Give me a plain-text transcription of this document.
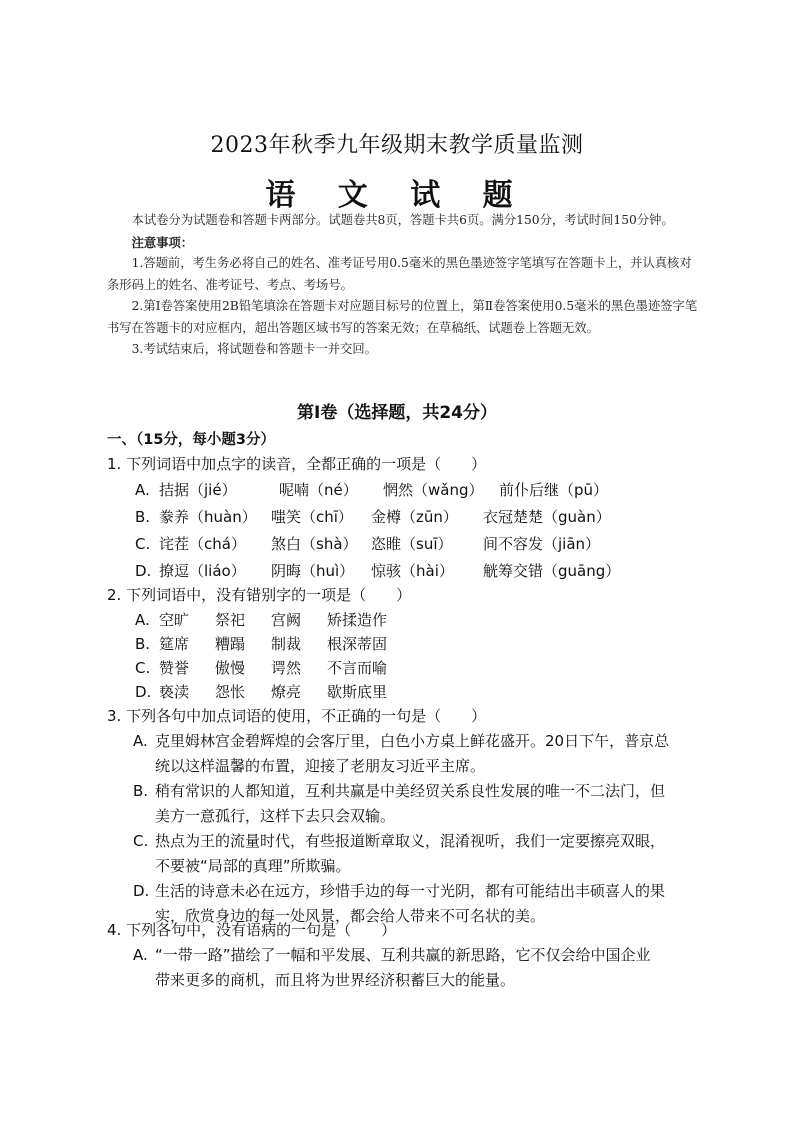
2023年秋季九年级期末教学质量监测
语 文 试 题

本试卷分为试题卷和答题卡两部分。试题卷共8页，答题卡共6页。满分150分，考试时间150分钟。

注意事项：

1.答题前，考生务必将自己的姓名、准考证号用0.5毫米的黑色墨迹签字笔填写在答题卡上，并认真核对条形码上的姓名、准考证号、考点、考场号。

2.第Ⅰ卷答案使用2B铅笔填涂在答题卡对应题目标号的位置上，第Ⅱ卷答案使用0.5毫米的黑色墨迹签字笔书写在答题卡的对应框内，超出答题区域书写的答案无效；在草稿纸、试题卷上答题无效。

3.考试结束后，将试题卷和答题卡一并交回。

第Ⅰ卷（选择题，共24分）
一、（15分，每小题3分）

1. 下列词语中加点字的读音，全都正确的一项是（　　）

A. 拮据（jié）	呢喃（né） 惘然（wǎng） 前仆后继（pū）

B. 豢养（huàn） 嗤笑（chī） 金樽（zūn） 衣冠楚楚（guàn）

C. 诧茬（chá） 煞白（shà） 恣睢（suī） 间不容发（jiān）

D. 撩逗（liáo） 阴晦（huì） 惊骇（hài） 觥筹交错（guāng）

2. 下列词语中，没有错别字的一项是（　　）

A. 空旷 祭祀 宫阙 矫揉造作

B. 筵席 糟蹋 制裁 根深蒂固

C. 赞誉 傲慢 谔然 不言而喻

D. 亵渎 怨怅 燎亮 歇斯底里

3. 下列各句中加点词语的使用，不正确的一句是（　　）

A. 克里姆林宫金碧辉煌的会客厅里，白色小方桌上鲜花盛开。20日下午，普京总
统以这样温馨的布置，迎接了老朋友习近平主席。
B. 稍有常识的人都知道，互利共赢是中美经贸关系良性发展的唯一不二法门，但
美方一意孤行，这样下去只会双输。
C. 热点为王的流量时代，有些报道断章取义，混淆视听，我们一定要擦亮双眼，
不要被“局部的真理”所欺骗。
D. 生活的诗意未必在远方，珍惜手边的每一寸光阴，都有可能结出丰硕喜人的果
实，欣赏身边的每一处风景，都会给人带来不可名状的美。

4. 下列各句中，没有语病的一句是（　　）

A. “一带一路”描绘了一幅和平发展、互利共赢的新思路，它不仅会给中国企业
带来更多的商机，而且将为世界经济积蓄巨大的能量。
